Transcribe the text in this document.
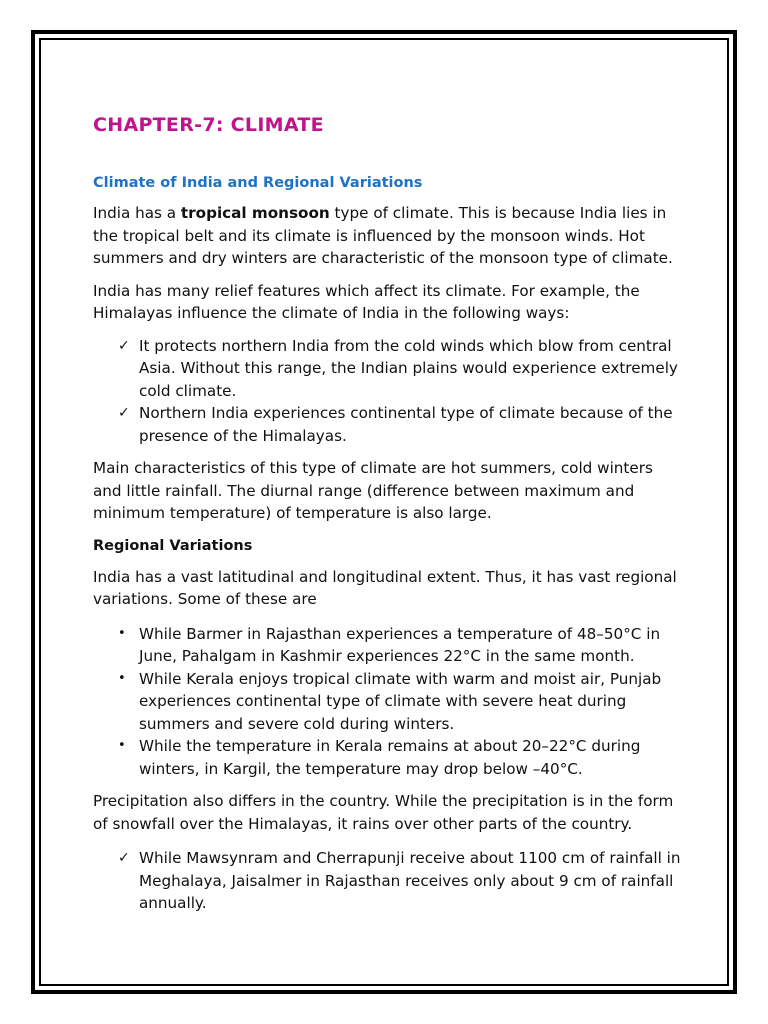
CHAPTER-7: CLIMATE
Climate of India and Regional Variations

India has a tropical monsoon type of climate. This is because India lies in the tropical belt and its climate is influenced by the monsoon winds. Hot summers and dry winters are characteristic of the monsoon type of climate.

India has many relief features which affect its climate. For example, the Himalayas influence the climate of India in the following ways:

✓ It protects northern India from the cold winds which blow from central Asia. Without this range, the Indian plains would experience extremely cold climate.
✓ Northern India experiences continental type of climate because of the presence of the Himalayas.

Main characteristics of this type of climate are hot summers, cold winters and little rainfall. The diurnal range (difference between maximum and minimum temperature) of temperature is also large.

Regional Variations

India has a vast latitudinal and longitudinal extent. Thus, it has vast regional variations. Some of these are

• While Barmer in Rajasthan experiences a temperature of 48–50°C in June, Pahalgam in Kashmir experiences 22°C in the same month.
• While Kerala enjoys tropical climate with warm and moist air, Punjab experiences continental type of climate with severe heat during summers and severe cold during winters.
• While the temperature in Kerala remains at about 20–22°C during winters, in Kargil, the temperature may drop below –40°C.

Precipitation also differs in the country. While the precipitation is in the form of snowfall over the Himalayas, it rains over other parts of the country.

✓ While Mawsynram and Cherrapunji receive about 1100 cm of rainfall in Meghalaya, Jaisalmer in Rajasthan receives only about 9 cm of rainfall annually.
